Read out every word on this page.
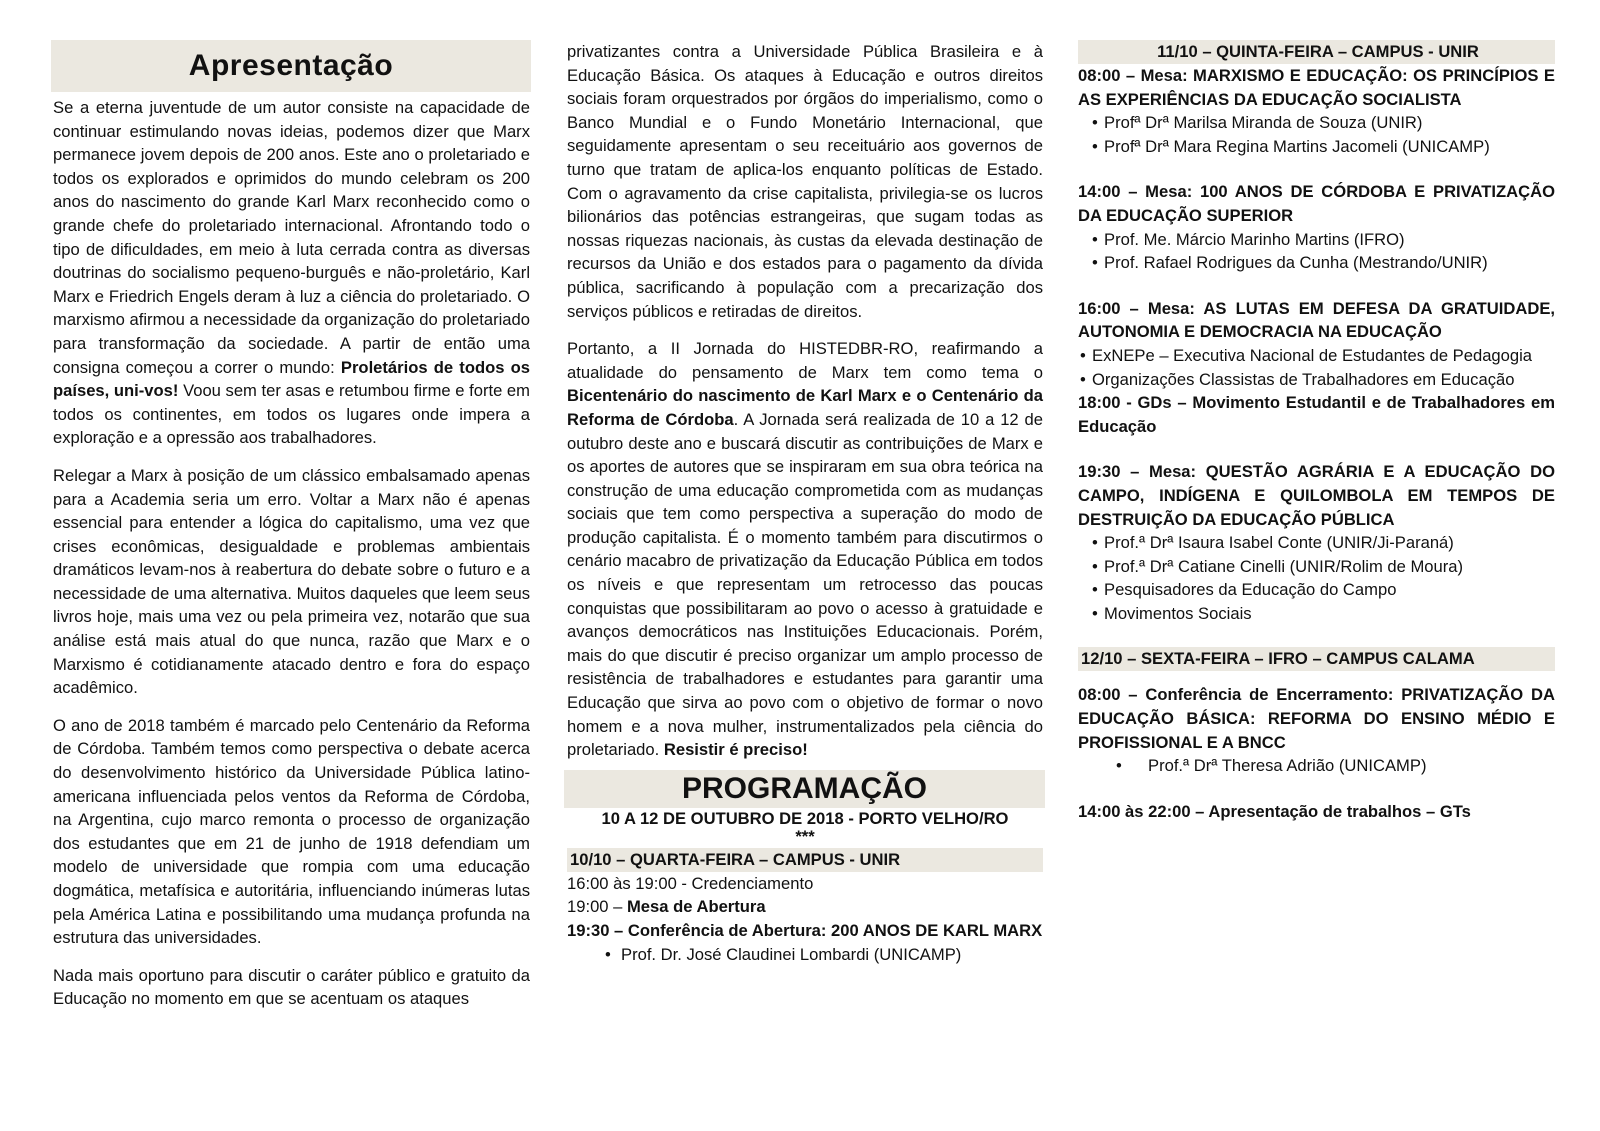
Apresentação

Se a eterna juventude de um autor consiste na capacidade de continuar estimulando novas ideias, podemos dizer que Marx permanece jovem depois de 200 anos. Este ano o proletariado e todos os explorados e oprimidos do mundo celebram os 200 anos do nascimento do grande Karl Marx reconhecido como o grande chefe do proletariado internacional. Afrontando todo o tipo de dificuldades, em meio à luta cerrada contra as diversas doutrinas do socialismo pequeno-burguês e não-proletário, Karl Marx e Friedrich Engels deram à luz a ciência do proletariado. O marxismo afirmou a necessidade da organização do proletariado para transformação da sociedade. A partir de então uma consigna começou a correr o mundo: Proletários de todos os países, uni-vos! Voou sem ter asas e retumbou firme e forte em todos os continentes, em todos os lugares onde impera a exploração e a opressão aos trabalhadores.

Relegar a Marx à posição de um clássico embalsamado apenas para a Academia seria um erro. Voltar a Marx não é apenas essencial para entender a lógica do capitalismo, uma vez que crises econômicas, desigualdade e problemas ambientais dramáticos levam-nos à reabertura do debate sobre o futuro e a necessidade de uma alternativa. Muitos daqueles que leem seus livros hoje, mais uma vez ou pela primeira vez, notarão que sua análise está mais atual do que nunca, razão que Marx e o Marxismo é cotidianamente atacado dentro e fora do espaço acadêmico.

O ano de 2018 também é marcado pelo Centenário da Reforma de Córdoba. Também temos como perspectiva o debate acerca do desenvolvimento histórico da Universidade Pública latino-americana influenciada pelos ventos da Reforma de Córdoba, na Argentina, cujo marco remonta o processo de organização dos estudantes que em 21 de junho de 1918 defendiam um modelo de universidade que rompia com uma educação dogmática, metafísica e autoritária, influenciando inúmeras lutas pela América Latina e possibilitando uma mudança profunda na estrutura das universidades.

Nada mais oportuno para discutir o caráter público e gratuito da Educação no momento em que se acentuam os ataques

privatizantes contra a Universidade Pública Brasileira e à Educação Básica. Os ataques à Educação e outros direitos sociais foram orquestrados por órgãos do imperialismo, como o Banco Mundial e o Fundo Monetário Internacional, que seguidamente apresentam o seu receituário aos governos de turno que tratam de aplica-los enquanto políticas de Estado. Com o agravamento da crise capitalista, privilegia-se os lucros bilionários das potências estrangeiras, que sugam todas as nossas riquezas nacionais, às custas da elevada destinação de recursos da União e dos estados para o pagamento da dívida pública, sacrificando à população com a precarização dos serviços públicos e retiradas de direitos.

Portanto, a II Jornada do HISTEDBR-RO, reafirmando a atualidade do pensamento de Marx tem como tema o Bicentenário do nascimento de Karl Marx e o Centenário da Reforma de Córdoba. A Jornada será realizada de 10 a 12 de outubro deste ano e buscará discutir as contribuições de Marx e os aportes de autores que se inspiraram em sua obra teórica na construção de uma educação comprometida com as mudanças sociais que tem como perspectiva a superação do modo de produção capitalista. É o momento também para discutirmos o cenário macabro de privatização da Educação Pública em todos os níveis e que representam um retrocesso das poucas conquistas que possibilitaram ao povo o acesso à gratuidade e avanços democráticos nas Instituições Educacionais. Porém, mais do que discutir é preciso organizar um amplo processo de resistência de trabalhadores e estudantes para garantir uma Educação que sirva ao povo com o objetivo de formar o novo homem e a nova mulher, instrumentalizados pela ciência do proletariado. Resistir é preciso!

PROGRAMAÇÃO

10 A 12 DE OUTUBRO DE 2018 - PORTO VELHO/RO

***

10/10 – QUARTA-FEIRA – CAMPUS - UNIR

16:00 às 19:00 - Credenciamento

19:00 – Mesa de Abertura

19:30 – Conferência de Abertura: 200 ANOS DE KARL MARX

• Prof. Dr. José Claudinei Lombardi (UNICAMP)

11/10 – QUINTA-FEIRA – CAMPUS - UNIR

08:00 – Mesa: MARXISMO E EDUCAÇÃO: OS PRINCÍPIOS E AS EXPERIÊNCIAS DA EDUCAÇÃO SOCIALISTA

• Profª Drª Marilsa Miranda de Souza (UNIR)

• Profª Drª Mara Regina Martins Jacomeli (UNICAMP)

14:00 – Mesa: 100 ANOS DE CÓRDOBA E PRIVATIZAÇÃO DA EDUCAÇÃO SUPERIOR

• Prof. Me. Márcio Marinho Martins (IFRO)

• Prof. Rafael Rodrigues da Cunha (Mestrando/UNIR)

16:00 – Mesa: AS LUTAS EM DEFESA DA GRATUIDADE, AUTONOMIA E DEMOCRACIA NA EDUCAÇÃO

• ExNEPe – Executiva Nacional de Estudantes de Pedagogia

• Organizações Classistas de Trabalhadores em Educação

18:00 - GDs – Movimento Estudantil e de Trabalhadores em Educação

19:30 – Mesa: QUESTÃO AGRÁRIA E A EDUCAÇÃO DO CAMPO, INDÍGENA E QUILOMBOLA EM TEMPOS DE DESTRUIÇÃO DA EDUCAÇÃO PÚBLICA

• Prof.ª Drª Isaura Isabel Conte (UNIR/Ji-Paraná)

• Prof.ª Drª Catiane Cinelli (UNIR/Rolim de Moura)

• Pesquisadores da Educação do Campo

• Movimentos Sociais

12/10 – SEXTA-FEIRA – IFRO – CAMPUS CALAMA

08:00 – Conferência de Encerramento: PRIVATIZAÇÃO DA EDUCAÇÃO BÁSICA: REFORMA DO ENSINO MÉDIO E PROFISSIONAL E A BNCC

• Prof.ª Drª Theresa Adrião (UNICAMP)

14:00 às 22:00 – Apresentação de trabalhos – GTs
